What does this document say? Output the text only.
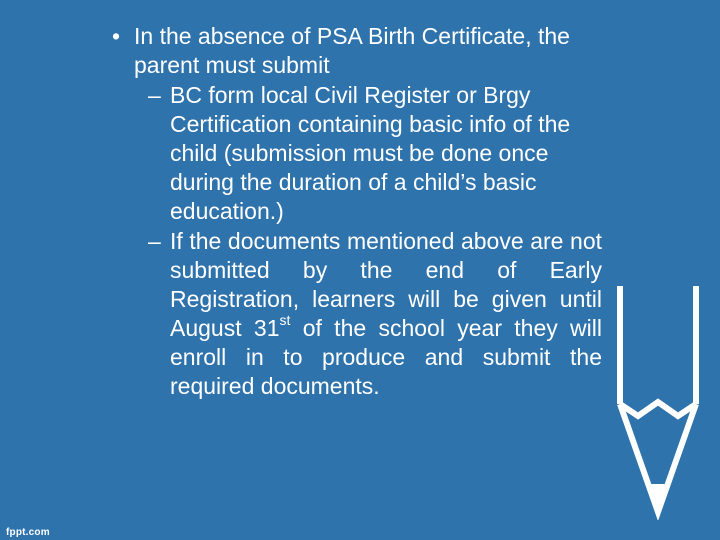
• In the absence of PSA Birth Certificate, the parent must submit
– BC form local Civil Register or Brgy Certification containing basic info of the child (submission must be done once during the duration of a child’s basic education.)
– If the documents mentioned above are not submitted by the end of Early Registration, learners will be given until August 31st of the school year they will enroll in to produce and submit the required documents.
fppt.com
